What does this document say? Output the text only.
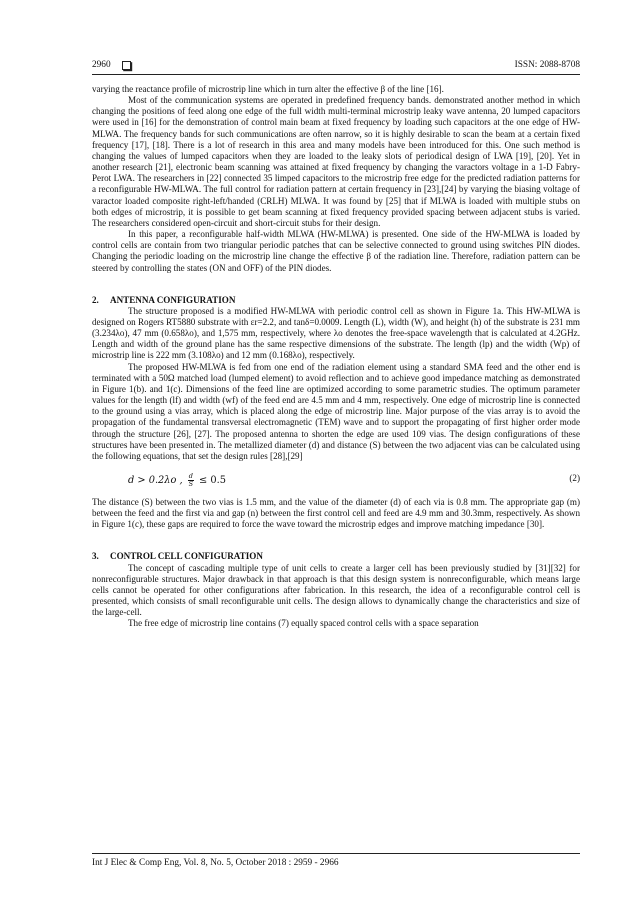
2960	ISSN: 2088-8708

varying the reactance profile of microstrip line which in turn alter the effective β of the line [16].

Most of the communication systems are operated in predefined frequency bands. demonstrated another method in which changing the positions of feed along one edge of the full width multi-terminal microstrip leaky wave antenna, 20 lumped capacitors were used in [16] for the demonstration of control main beam at fixed frequency by loading such capacitors at the one edge of HW-MLWA. The frequency bands for such communications are often narrow, so it is highly desirable to scan the beam at a certain fixed frequency [17], [18]. There is a lot of research in this area and many models have been introduced for this. One such method is changing the values of lumped capacitors when they are loaded to the leaky slots of periodical design of LWA [19], [20]. Yet in another research [21], electronic beam scanning was attained at fixed frequency by changing the varactors voltage in a 1-D Fabry-Perot LWA. The researchers in [22] connected 35 limped capacitors to the microstrip free edge for the predicted radiation patterns for a reconfigurable HW-MLWA. The full control for radiation pattern at certain frequency in [23],[24] by varying the biasing voltage of varactor loaded composite right-left/handed (CRLH) MLWA. It was found by [25] that if MLWA is loaded with multiple stubs on both edges of microstrip, it is possible to get beam scanning at fixed frequency provided spacing between adjacent stubs is varied. The researchers considered open-circuit and short-circuit stubs for their design.

In this paper, a reconfigurable half-width MLWA (HW-MLWA) is presented. One side of the HW-MLWA is loaded by control cells are contain from two triangular periodic patches that can be selective connected to ground using switches PIN diodes. Changing the periodic loading on the microstrip line change the effective β of the radiation line. Therefore, radiation pattern can be steered by controlling the states (ON and OFF) of the PIN diodes.

2. ANTENNA CONFIGURATION

The structure proposed is a modified HW-MLWA with periodic control cell as shown in Figure 1a. This HW-MLWA is designed on Rogers RT5880 substrate with εr=2.2, and tanδ=0.0009. Length (L), width (W), and height (h) of the substrate is 231 mm (3.234λo), 47 mm (0.658λo), and 1,575 mm, respectively, where λo denotes the free-space wavelength that is calculated at 4.2GHz. Length and width of the ground plane has the same respective dimensions of the substrate. The length (lp) and the width (Wp) of microstrip line is 222 mm (3.108λo) and 12 mm (0.168λo), respectively.

The proposed HW-MLWA is fed from one end of the radiation element using a standard SMA feed and the other end is terminated with a 50Ω matched load (lumped element) to avoid reflection and to achieve good impedance matching as demonstrated in Figure 1(b). and 1(c). Dimensions of the feed line are optimized according to some parametric studies. The optimum parameter values for the length (lf) and width (wf) of the feed end are 4.5 mm and 4 mm, respectively. One edge of microstrip line is connected to the ground using a vias array, which is placed along the edge of microstrip line. Major purpose of the vias array is to avoid the propagation of the fundamental transversal electromagnetic (TEM) wave and to support the propagating of first higher order mode through the structure [26], [27]. The proposed antenna to shorten the edge are used 109 vias. The design configurations of these structures have been presented in. The metallized diameter (d) and distance (S) between the two adjacent vias can be calculated using the following equations, that set the design rules [28],[29]

d > 0.2λo , $\frac{d}{S} \le 0.5$	(2)

The distance (S) between the two vias is 1.5 mm, and the value of the diameter (d) of each via is 0.8 mm. The appropriate gap (m) between the feed and the first via and gap (n) between the first control cell and feed are 4.9 mm and 30.3mm, respectively. As shown in Figure 1(c), these gaps are required to force the wave toward the microstrip edges and improve matching impedance [30].

3. CONTROL CELL CONFIGURATION

The concept of cascading multiple type of unit cells to create a larger cell has been previously studied by [31][32] for nonreconfigurable structures. Major drawback in that approach is that this design system is nonreconfigurable, which means large cells cannot be operated for other configurations after fabrication. In this research, the idea of a reconfigurable control cell is presented, which consists of small reconfigurable unit cells. The design allows to dynamically change the characteristics and size of the large-cell.

The free edge of microstrip line contains (7) equally spaced control cells with a space separation

Int J Elec & Comp Eng, Vol. 8, No. 5, October 2018 : 2959 - 2966
